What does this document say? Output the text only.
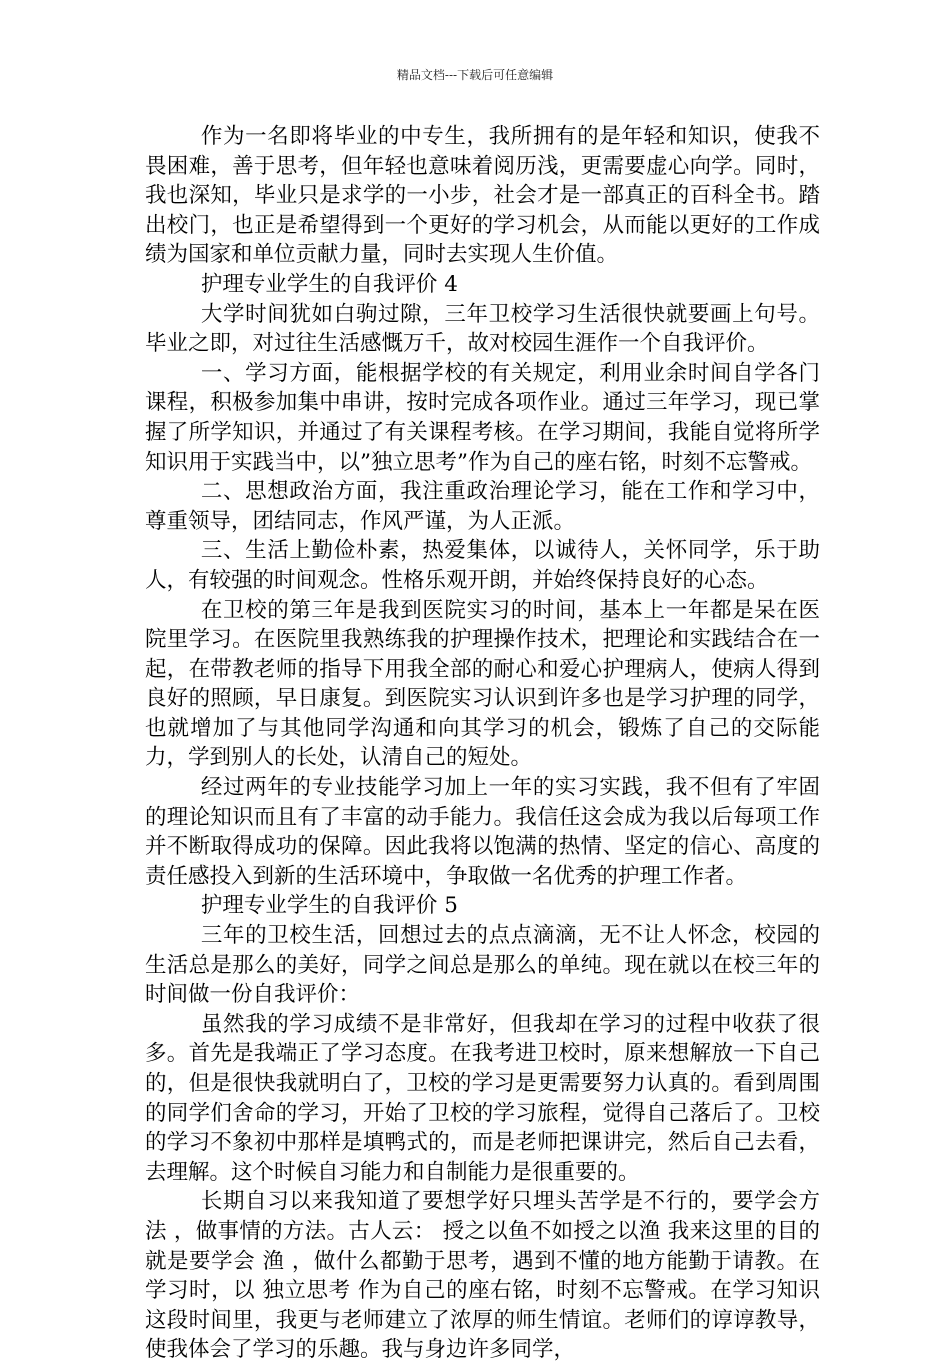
精品文档---下载后可任意编辑

作为一名即将毕业的中专生，我所拥有的是年轻和知识，使我不畏困难，善于思考，但年轻也意味着阅历浅，更需要虚心向学。同时，我也深知，毕业只是求学的一小步，社会才是一部真正的百科全书。踏出校门，也正是希望得到一个更好的学习机会，从而能以更好的工作成绩为国家和单位贡献力量，同时去实现人生价值。

护理专业学生的自我评价 4

大学时间犹如白驹过隙，三年卫校学习生活很快就要画上句号。毕业之即，对过往生活感慨万千，故对校园生涯作一个自我评价。

一、学习方面，能根据学校的有关规定，利用业余时间自学各门课程，积极参加集中串讲，按时完成各项作业。通过三年学习，现已掌握了所学知识，并通过了有关课程考核。在学习期间，我能自觉将所学知识用于实践当中，以”独立思考”作为自己的座右铭，时刻不忘警戒。

二、思想政治方面，我注重政治理论学习，能在工作和学习中，尊重领导，团结同志，作风严谨，为人正派。

三、生活上勤俭朴素，热爱集体，以诚待人，关怀同学，乐于助人，有较强的时间观念。性格乐观开朗，并始终保持良好的心态。

在卫校的第三年是我到医院实习的时间，基本上一年都是呆在医院里学习。在医院里我熟练我的护理操作技术，把理论和实践结合在一起，在带教老师的指导下用我全部的耐心和爱心护理病人，使病人得到良好的照顾，早日康复。到医院实习认识到许多也是学习护理的同学，也就增加了与其他同学沟通和向其学习的机会，锻炼了自己的交际能力，学到别人的长处，认清自己的短处。

经过两年的专业技能学习加上一年的实习实践，我不但有了牢固的理论知识而且有了丰富的动手能力。我信任这会成为我以后每项工作并不断取得成功的保障。因此我将以饱满的热情、坚定的信心、高度的责任感投入到新的生活环境中，争取做一名优秀的护理工作者。

护理专业学生的自我评价 5

三年的卫校生活，回想过去的点点滴滴，无不让人怀念，校园的生活总是那么的美好，同学之间总是那么的单纯。现在就以在校三年的时间做一份自我评价：

虽然我的学习成绩不是非常好，但我却在学习的过程中收获了很多。首先是我端正了学习态度。在我考进卫校时，原来想解放一下自己的，但是很快我就明白了，卫校的学习是更需要努力认真的。看到周围的同学们舍命的学习，开始了卫校的学习旅程，觉得自己落后了。卫校的学习不象初中那样是填鸭式的，而是老师把课讲完，然后自己去看，去理解。这个时候自习能力和自制能力是很重要的。

长期自习以来我知道了要想学好只埋头苦学是不行的，要学会方法 ，做事情的方法。古人云： 授之以鱼不如授之以渔 我来这里的目的就是要学会 渔 ，做什么都勤于思考，遇到不懂的地方能勤于请教。在学习时，以 独立思考 作为自己的座右铭，时刻不忘警戒。在学习知识这段时间里，我更与老师建立了浓厚的师生情谊。老师们的谆谆教导，使我体会了学习的乐趣。我与身边许多同学，
